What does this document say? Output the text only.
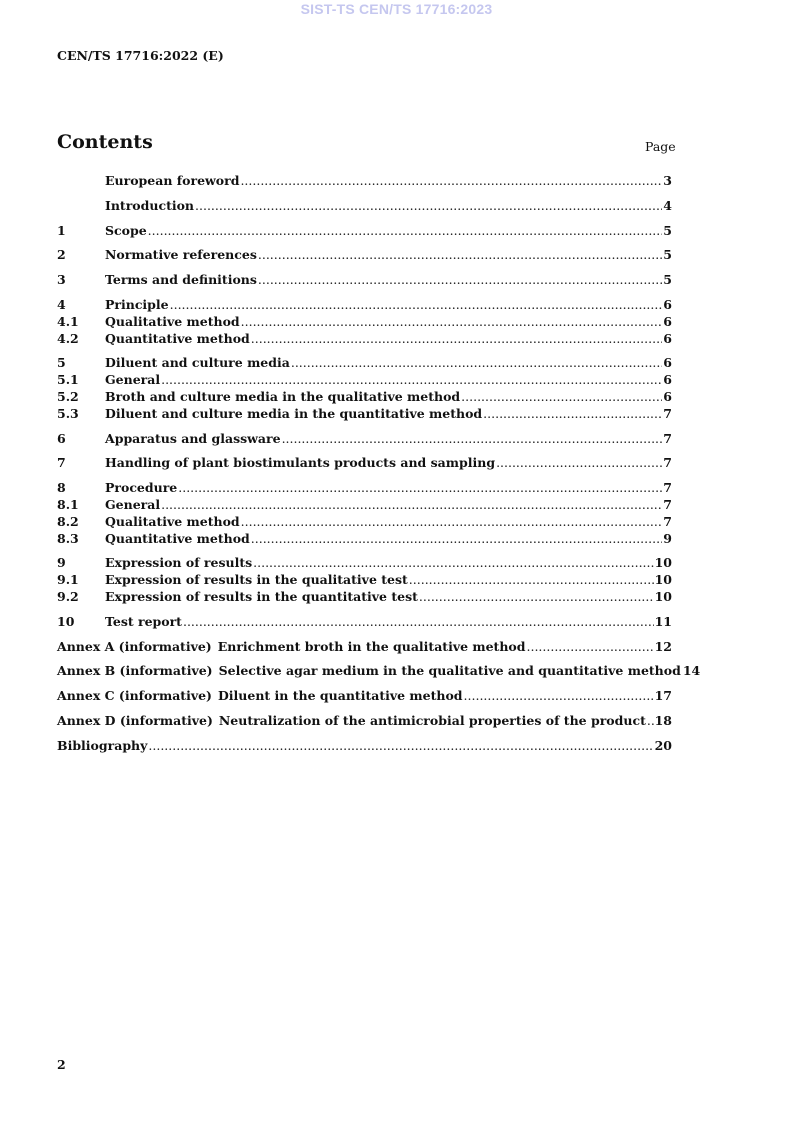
SIST-TS CEN/TS 17716:2023
CEN/TS 17716:2022 (E)
Contents	Page
European foreword .....	3
Introduction .....	4
1	Scope .....	5
2	Normative references .....	5
3	Terms and definitions .....	5
4	Principle .....	6
4.1	Qualitative method .....	6
4.2	Quantitative method .....	6
5	Diluent and culture media .....	6
5.1	General .....	6
5.2	Broth and culture media in the qualitative method .....	6
5.3	Diluent and culture media in the quantitative method .....	7
6	Apparatus and glassware .....	7
7	Handling of plant biostimulants products and sampling .....	7
8	Procedure .....	7
8.1	General .....	7
8.2	Qualitative method .....	7
8.3	Quantitative method .....	9
9	Expression of results .....	10
9.1	Expression of results in the qualitative test .....	10
9.2	Expression of results in the quantitative test .....	10
10	Test report .....	11
Annex A (informative) Enrichment broth in the qualitative method .....	12
Annex B (informative) Selective agar medium in the qualitative and quantitative method 14
Annex C (informative) Diluent in the quantitative method .....	17
Annex D (informative) Neutralization of the antimicrobial properties of the product ..... 18
Bibliography .....	20
2
